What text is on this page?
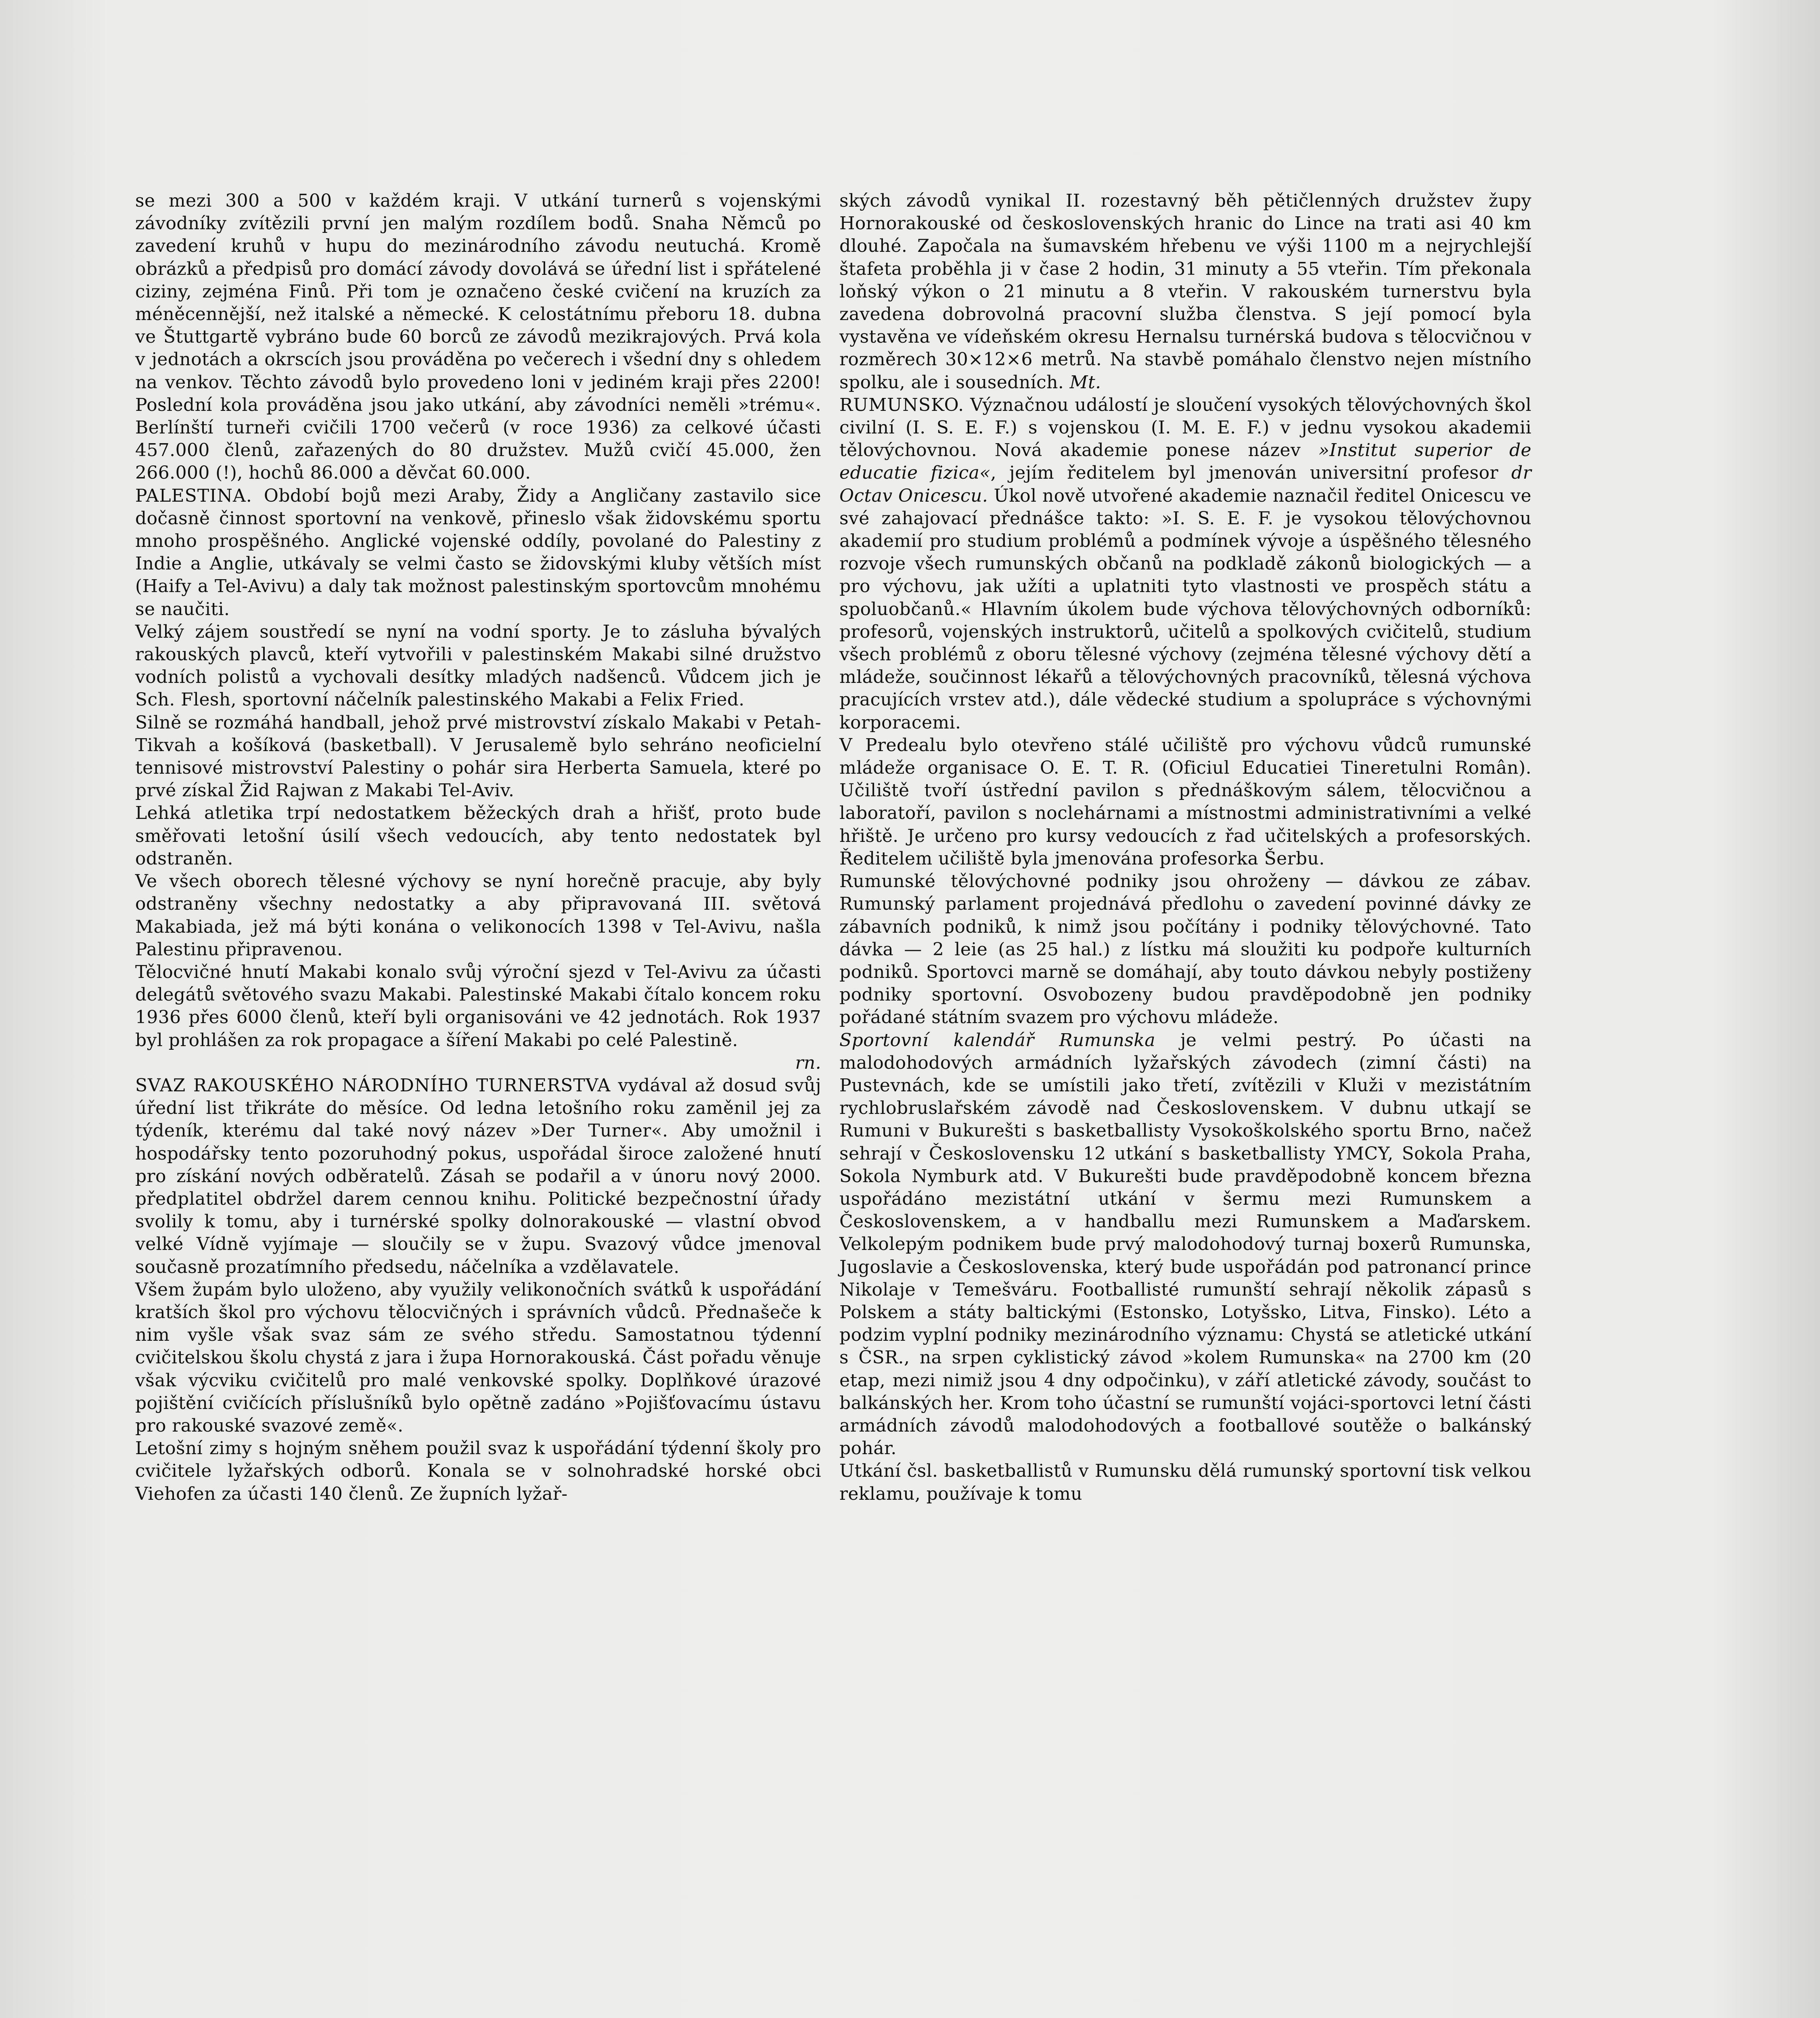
se mezi 300 a 500 v každém kraji. V utkání turnerů s vojenskými závodníky zvítězili první jen malým rozdílem bodů. Snaha Němců po zavedení kruhů v hupu do mezinárodního závodu neutuchá. Kromě obrázků a předpisů pro domácí závody dovolává se úřední list i spřátelené ciziny, zejména Finů. Při tom je označeno české cvičení na kruzích za méněcennější, než italské a německé. K celostátnímu přeboru 18. dubna ve Štuttgartě vybráno bude 60 borců ze závodů mezikrajových. Prvá kola v jednotách a okrscích jsou prováděna po večerech i všední dny s ohledem na venkov. Těchto závodů bylo provedeno loni v jediném kraji přes 2200! Poslední kola prováděna jsou jako utkání, aby závodníci neměli »trému«. Berlínští turneři cvičili 1700 večerů (v roce 1936) za celkové účasti 457.000 členů, zařazených do 80 družstev. Mužů cvičí 45.000, žen 266.000 (!), hochů 86.000 a děvčat 60.000.

PALESTINA. Období bojů mezi Araby, Židy a Angličany zastavilo sice dočasně činnost sportovní na venkově, přineslo však židovskému sportu mnoho prospěšného. Anglické vojenské oddíly, povolané do Palestiny z Indie a Anglie, utkávaly se velmi často se židovskými kluby větších míst (Haify a Tel-Avivu) a daly tak možnost palestinským sportovcům mnohému se naučiti.

Velký zájem soustředí se nyní na vodní sporty. Je to zásluha bývalých rakouských plavců, kteří vytvořili v palestinském Makabi silné družstvo vodních polistů a vychovali desítky mladých nadšenců. Vůdcem jich je Sch. Flesh, sportovní náčelník palestinského Makabi a Felix Fried.

Silně se rozmáhá handball, jehož prvé mistrovství získalo Makabi v Petah-Tikvah a košíková (basketball). V Jerusalemě bylo sehráno neoficielní tennisové mistrovství Palestiny o pohár sira Herberta Samuela, které po prvé získal Žid Rajwan z Makabi Tel-Aviv.

Lehká atletika trpí nedostatkem běžeckých drah a hřišť, proto bude směřovati letošní úsilí všech vedoucích, aby tento nedostatek byl odstraněn.

Ve všech oborech tělesné výchovy se nyní horečně pracuje, aby byly odstraněny všechny nedostatky a aby připravovaná III. světová Makabiada, jež má býti konána o velikonocích 1398 v Tel-Avivu, našla Palestinu připravenou.

Tělocvičné hnutí Makabi konalo svůj výroční sjezd v Tel-Avivu za účasti delegátů světového svazu Makabi. Palestinské Makabi čítalo koncem roku 1936 přes 6000 členů, kteří byli organisováni ve 42 jednotách. Rok 1937 byl prohlášen za rok propagace a šíření Makabi po celé Palestině.
rn.

SVAZ RAKOUSKÉHO NÁRODNÍHO TURNERSTVA vydával až dosud svůj úřední list třikráte do měsíce. Od ledna letošního roku zaměnil jej za týdeník, kterému dal také nový název »Der Turner«. Aby umožnil i hospodářsky tento pozoruhodný pokus, uspořádal široce založené hnutí pro získání nových odběratelů. Zásah se podařil a v únoru nový 2000. předplatitel obdržel darem cennou knihu. Politické bezpečnostní úřady svolily k tomu, aby i turnérské spolky dolnorakouské — vlastní obvod velké Vídně vyjímaje — sloučily se v župu. Svazový vůdce jmenoval současně prozatímního předsedu, náčelníka a vzdělavatele.

Všem župám bylo uloženo, aby využily velikonočních svátků k uspořádání kratších škol pro výchovu tělocvičných i správních vůdců. Přednašeče k nim vyšle však svaz sám ze svého středu. Samostatnou týdenní cvičitelskou školu chystá z jara i župa Hornorakouská. Část pořadu věnuje však výcviku cvičitelů pro malé venkovské spolky. Doplňkové úrazové pojištění cvičících příslušníků bylo opětně zadáno »Pojišťovacímu ústavu pro rakouské svazové země«.

Letošní zimy s hojným sněhem použil svaz k uspořádání týdenní školy pro cvičitele lyžařských odborů. Konala se v solnohradské horské obci Viehofen za účasti 140 členů. Ze župních lyžař-

ských závodů vynikal II. rozestavný běh pětičlenných družstev župy Hornorakouské od československých hranic do Lince na trati asi 40 km dlouhé. Započala na šumavském hřebenu ve výši 1100 m a nejrychlejší štafeta proběhla ji v čase 2 hodin, 31 minuty a 55 vteřin. Tím překonala loňský výkon o 21 minutu a 8 vteřin. V rakouském turnerstvu byla zavedena dobrovolná pracovní služba členstva. S její pomocí byla vystavěna ve vídeňském okresu Hernalsu turnérská budova s tělocvičnou v rozměrech 30×12×6 metrů. Na stavbě pomáhalo členstvo nejen místního spolku, ale i sousedních. Mt.

RUMUNSKO. Význačnou událostí je sloučení vysokých tělovýchovných škol civilní (I. S. E. F.) s vojenskou (I. M. E. F.) v jednu vysokou akademii tělovýchovnou. Nová akademie ponese název »Institut superior de educatie fizica«, jejím ředitelem byl jmenován universitní profesor dr Octav Onicescu. Úkol nově utvořené akademie naznačil ředitel Onicescu ve své zahajovací přednášce takto: »I. S. E. F. je vysokou tělovýchovnou akademií pro studium problémů a podmínek vývoje a úspěšného tělesného rozvoje všech rumunských občanů na podkladě zákonů biologických — a pro výchovu, jak užíti a uplatniti tyto vlastnosti ve prospěch státu a spoluobčanů.« Hlavním úkolem bude výchova tělovýchovných odborníků: profesorů, vojenských instruktorů, učitelů a spolkových cvičitelů, studium všech problémů z oboru tělesné výchovy (zejména tělesné výchovy dětí a mládeže, součinnost lékařů a tělovýchovných pracovníků, tělesná výchova pracujících vrstev atd.), dále vědecké studium a spolupráce s výchovnými korporacemi.

V Predealu bylo otevřeno stálé učiliště pro výchovu vůdců rumunské mládeže organisace O. E. T. R. (Oficiul Educatiei Tineretulni Român). Učiliště tvoří ústřední pavilon s přednáškovým sálem, tělocvičnou a laboratoří, pavilon s noclehárnami a místnostmi administrativními a velké hřiště. Je určeno pro kursy vedoucích z řad učitelských a profesorských. Ředitelem učiliště byla jmenována profesorka Šerbu.

Rumunské tělovýchovné podniky jsou ohroženy — dávkou ze zábav. Rumunský parlament projednává předlohu o zavedení povinné dávky ze zábavních podniků, k nimž jsou počítány i podniky tělovýchovné. Tato dávka — 2 leie (as 25 hal.) z lístku má sloužiti ku podpoře kulturních podniků. Sportovci marně se domáhají, aby touto dávkou nebyly postiženy podniky sportovní. Osvobozeny budou pravděpodobně jen podniky pořádané státním svazem pro výchovu mládeže.

Sportovní kalendář Rumunska je velmi pestrý. Po účasti na malodohodových armádních lyžařských závodech (zimní části) na Pustevnách, kde se umístili jako třetí, zvítězili v Kluži v mezistátním rychlobruslařském závodě nad Československem. V dubnu utkají se Rumuni v Bukurešti s basketballisty Vysokoškolského sportu Brno, načež sehrají v Československu 12 utkání s basketballisty YMCY, Sokola Praha, Sokola Nymburk atd. V Bukurešti bude pravděpodobně koncem března uspořádáno mezistátní utkání v šermu mezi Rumunskem a Československem, a v handballu mezi Rumunskem a Maďarskem. Velkolepým podnikem bude prvý malodohodový turnaj boxerů Rumunska, Jugoslavie a Československa, který bude uspořádán pod patronancí prince Nikolaje v Temešváru. Footballisté rumunští sehrají několik zápasů s Polskem a státy baltickými (Estonsko, Lotyšsko, Litva, Finsko). Léto a podzim vyplní podniky mezinárodního významu: Chystá se atletické utkání s ČSR., na srpen cyklistický závod »kolem Rumunska« na 2700 km (20 etap, mezi nimiž jsou 4 dny odpočinku), v září atletické závody, součást to balkánských her. Krom toho účastní se rumunští vojáci-sportovci letní části armádních závodů malodohodových a footballové soutěže o balkánský pohár.

Utkání čsl. basketballistů v Rumunsku dělá rumunský sportovní tisk velkou reklamu, používaje k tomu
